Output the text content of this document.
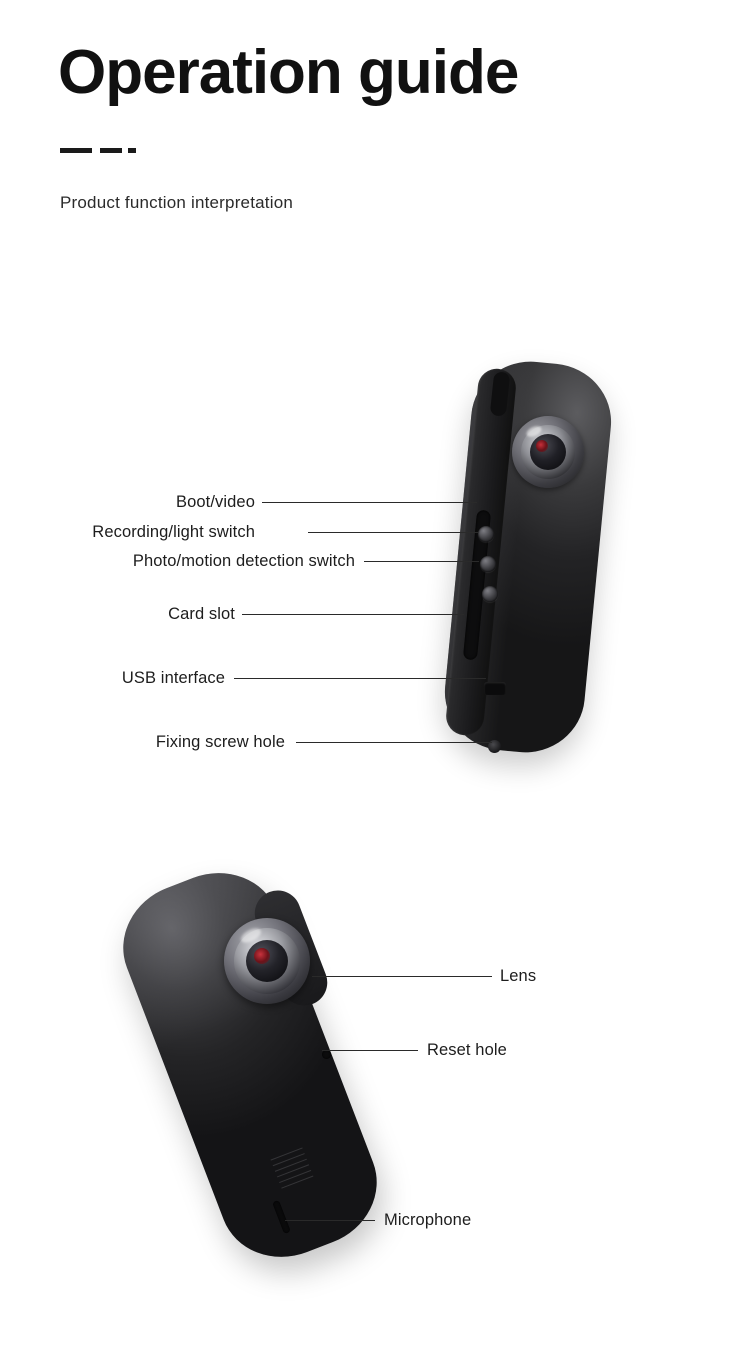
Operation guide
Product function interpretation
Boot/video
Recording/light switch
Photo/motion detection switch
Card slot
USB interface
Fixing screw hole
Lens
Reset hole
Microphone
